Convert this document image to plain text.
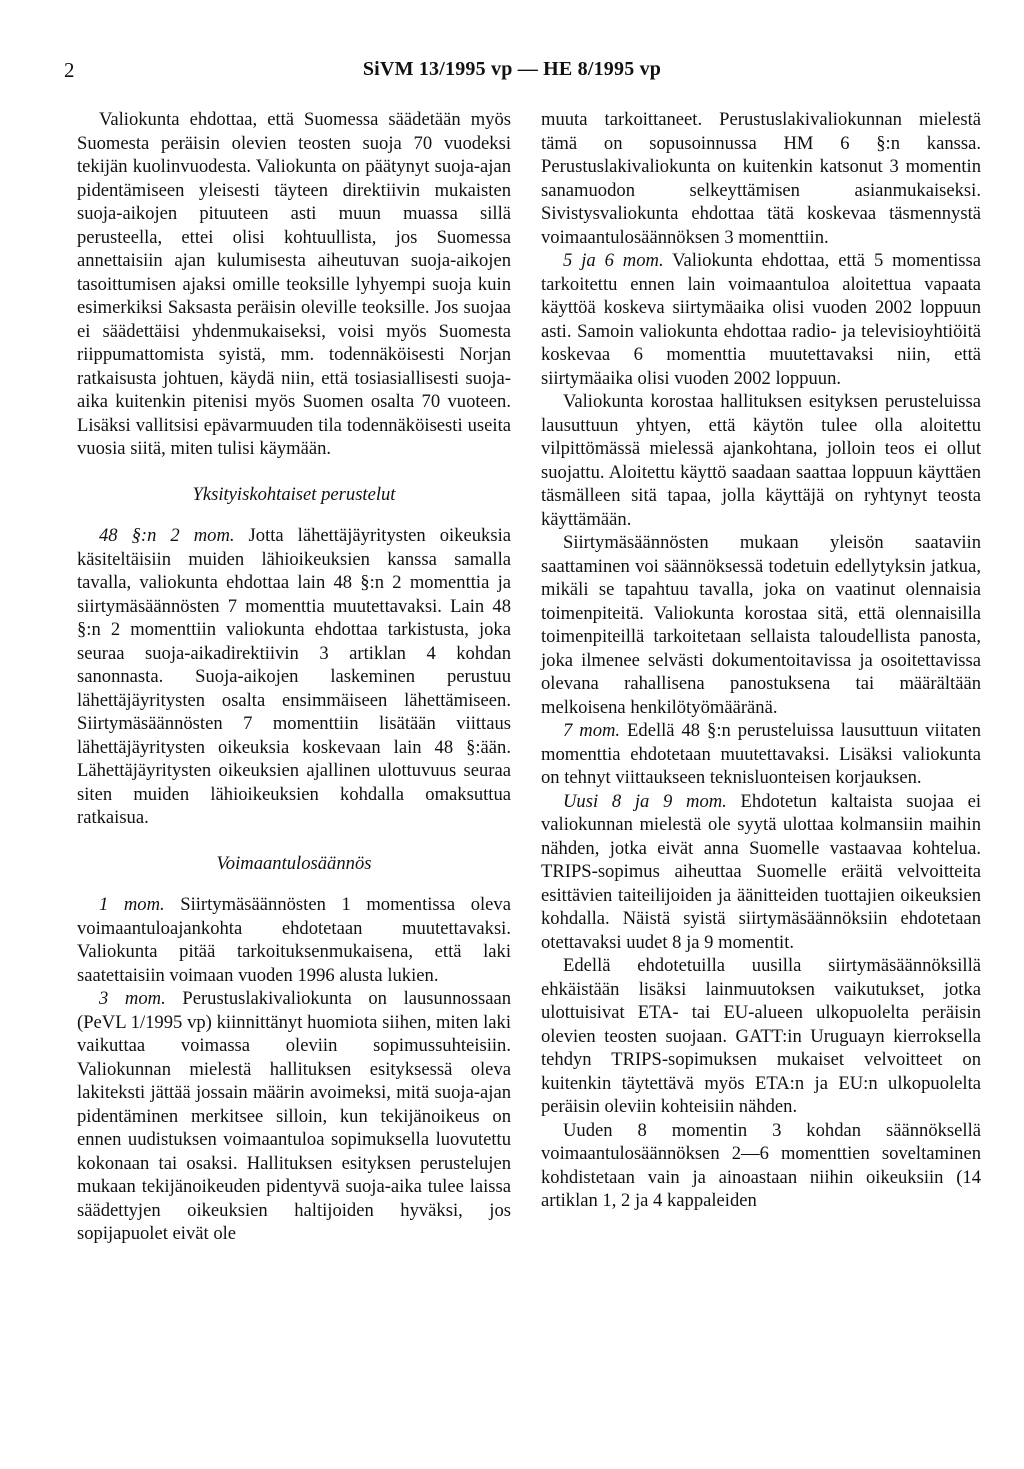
2	SiVM 13/1995 vp — HE 8/1995 vp

Valiokunta ehdottaa, että Suomessa säädetään myös Suomesta peräisin olevien teosten suoja 70 vuodeksi tekijän kuolinvuodesta. Valiokunta on päätynyt suoja-ajan pidentämiseen yleisesti täyteen direktiivin mukaisten suoja-aikojen pituuteen asti muun muassa sillä perusteella, ettei olisi kohtuullista, jos Suomessa annettaisiin ajan kulumisesta aiheutuvan suoja-aikojen tasoittumisen ajaksi omille teoksille lyhyempi suoja kuin esimerkiksi Saksasta peräisin oleville teoksille. Jos suojaa ei säädettäisi yhdenmukaiseksi, voisi myös Suomesta riippumattomista syistä, mm. todennäköisesti Norjan ratkaisusta johtuen, käydä niin, että tosiasiallisesti suoja-aika kuitenkin pitenisi myös Suomen osalta 70 vuoteen. Lisäksi vallitsisi epävarmuuden tila todennäköisesti useita vuosia siitä, miten tulisi käymään.

Yksityiskohtaiset perustelut

48 §:n 2 mom. Jotta lähettäjäyritysten oikeuksia käsiteltäisiin muiden lähioikeuksien kanssa samalla tavalla, valiokunta ehdottaa lain 48 §:n 2 momenttia ja siirtymäsäännösten 7 momenttia muutettavaksi. Lain 48 §:n 2 momenttiin valiokunta ehdottaa tarkistusta, joka seuraa suoja-aikadirektiivin 3 artiklan 4 kohdan sanonnasta. Suoja-aikojen laskeminen perustuu lähettäjäyritysten osalta ensimmäiseen lähettämiseen. Siirtymäsäännösten 7 momenttiin lisätään viittaus lähettäjäyritysten oikeuksia koskevaan lain 48 §:ään. Lähettäjäyritysten oikeuksien ajallinen ulottuvuus seuraa siten muiden lähioikeuksien kohdalla omaksuttua ratkaisua.

Voimaantulosäännös

1 mom. Siirtymäsäännösten 1 momentissa oleva voimaantuloajankohta ehdotetaan muutettavaksi. Valiokunta pitää tarkoituksenmukaisena, että laki saatettaisiin voimaan vuoden 1996 alusta lukien.

3 mom. Perustuslakivaliokunta on lausunnossaan (PeVL 1/1995 vp) kiinnittänyt huomiota siihen, miten laki vaikuttaa voimassa oleviin sopimussuhteisiin. Valiokunnan mielestä hallituksen esityksessä oleva lakiteksti jättää jossain määrin avoimeksi, mitä suoja-ajan pidentäminen merkitsee silloin, kun tekijänoikeus on ennen uudistuksen voimaantuloa sopimuksella luovutettu kokonaan tai osaksi. Hallituksen esityksen perustelujen mukaan tekijänoikeuden pidentyvä suoja-aika tulee laissa säädettyjen oikeuksien haltijoiden hyväksi, jos sopijapuolet eivät ole

muuta tarkoittaneet. Perustuslakivaliokunnan mielestä tämä on sopusoinnussa HM 6 §:n kanssa. Perustuslakivaliokunta on kuitenkin katsonut 3 momentin sanamuodon selkeyttämisen asianmukaiseksi. Sivistysvaliokunta ehdottaa tätä koskevaa täsmennystä voimaantulosäännöksen 3 momenttiin.

5 ja 6 mom. Valiokunta ehdottaa, että 5 momentissa tarkoitettu ennen lain voimaantuloa aloitettua vapaata käyttöä koskeva siirtymäaika olisi vuoden 2002 loppuun asti. Samoin valiokunta ehdottaa radio- ja televisioyhtiöitä koskevaa 6 momenttia muutettavaksi niin, että siirtymäaika olisi vuoden 2002 loppuun.

Valiokunta korostaa hallituksen esityksen perusteluissa lausuttuun yhtyen, että käytön tulee olla aloitettu vilpittömässä mielessä ajankohtana, jolloin teos ei ollut suojattu. Aloitettu käyttö saadaan saattaa loppuun käyttäen täsmälleen sitä tapaa, jolla käyttäjä on ryhtynyt teosta käyttämään.

Siirtymäsäännösten mukaan yleisön saataviin saattaminen voi säännöksessä todetuin edellytyksin jatkua, mikäli se tapahtuu tavalla, joka on vaatinut olennaisia toimenpiteitä. Valiokunta korostaa sitä, että olennaisilla toimenpiteillä tarkoitetaan sellaista taloudellista panosta, joka ilmenee selvästi dokumentoitavissa ja osoitettavissa olevana rahallisena panostuksena tai määrältään melkoisena henkilötyömääränä.

7 mom. Edellä 48 §:n perusteluissa lausuttuun viitaten momenttia ehdotetaan muutettavaksi. Lisäksi valiokunta on tehnyt viittaukseen teknisluonteisen korjauksen.

Uusi 8 ja 9 mom. Ehdotetun kaltaista suojaa ei valiokunnan mielestä ole syytä ulottaa kolmansiin maihin nähden, jotka eivät anna Suomelle vastaavaa kohtelua. TRIPS-sopimus aiheuttaa Suomelle eräitä velvoitteita esittävien taiteilijoiden ja äänitteiden tuottajien oikeuksien kohdalla. Näistä syistä siirtymäsäännöksiin ehdotetaan otettavaksi uudet 8 ja 9 momentit.

Edellä ehdotetuilla uusilla siirtymäsäännöksillä ehkäistään lisäksi lainmuutoksen vaikutukset, jotka ulottuisivat ETA- tai EU-alueen ulkopuolelta peräisin olevien teosten suojaan. GATT:in Uruguayn kierroksella tehdyn TRIPS-sopimuksen mukaiset velvoitteet on kuitenkin täytettävä myös ETA:n ja EU:n ulkopuolelta peräisin oleviin kohteisiin nähden.

Uuden 8 momentin 3 kohdan säännöksellä voimaantulosäännöksen 2—6 momenttien soveltaminen kohdistetaan vain ja ainoastaan niihin oikeuksiin (14 artiklan 1, 2 ja 4 kappaleiden
